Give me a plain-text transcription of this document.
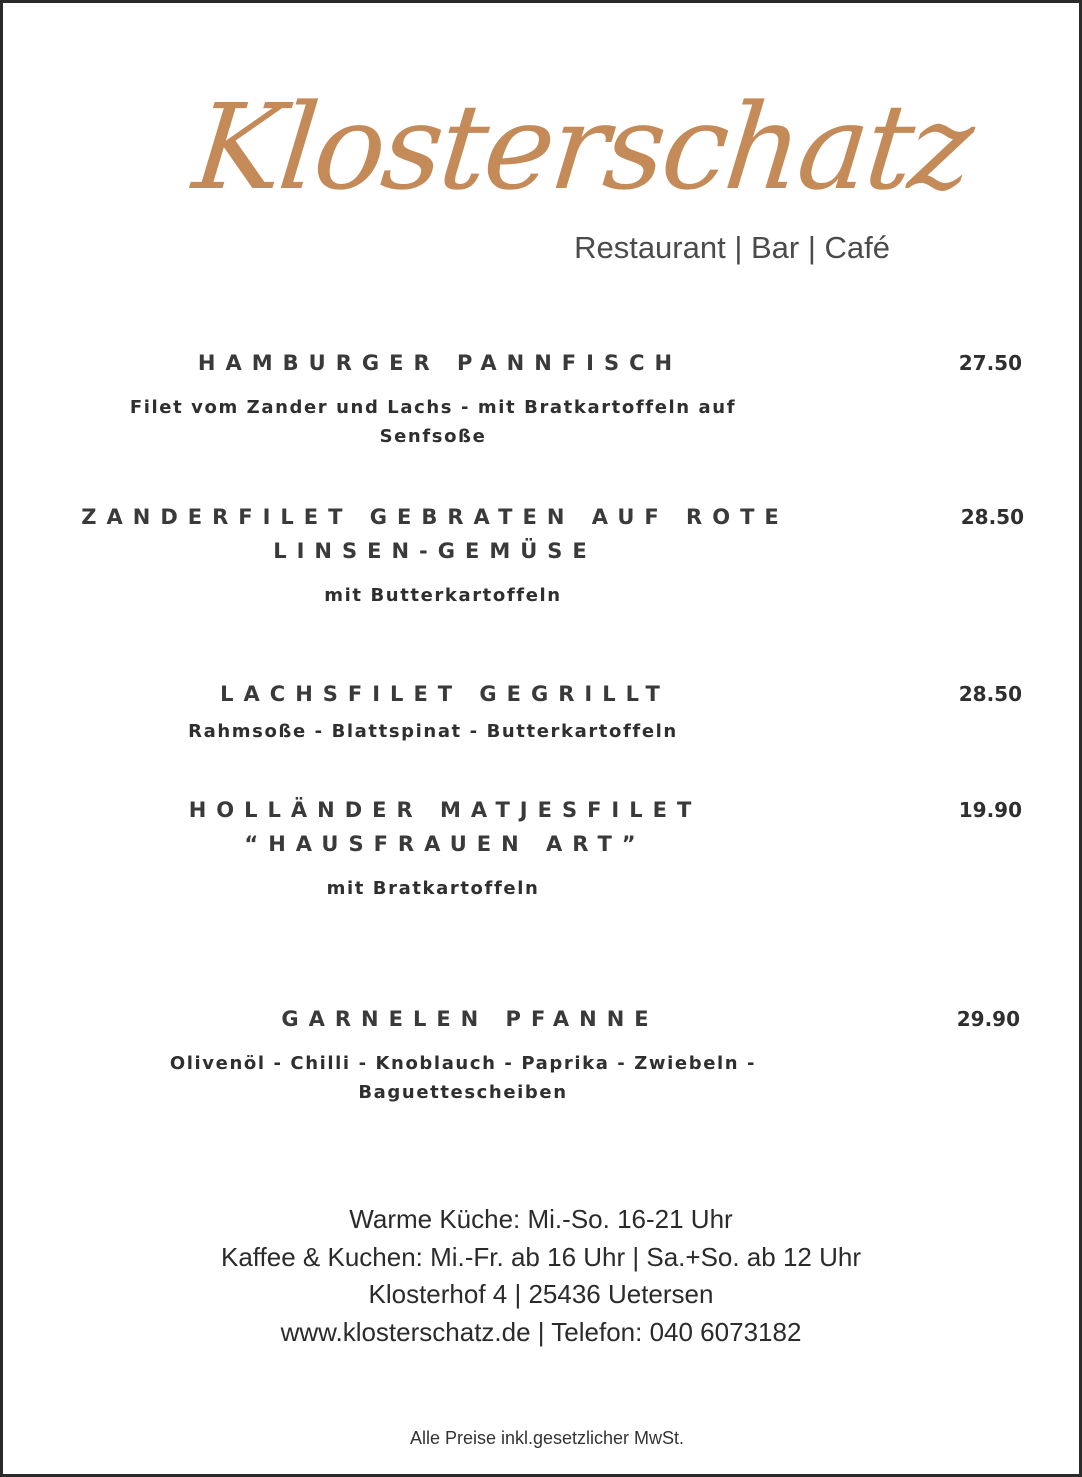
Klosterschatz
Restaurant | Bar | Café
HAMBURGER PANNFISCH	27.50
Filet vom Zander und Lachs - mit Bratkartoffeln auf
Senfsoße
ZANDERFILET GEBRATEN AUF ROTE
LINSEN-GEMÜSE
28.50
mit Butterkartoffeln
LACHSFILET GEGRILLT	28.50
Rahmsoße - Blattspinat - Butterkartoffeln
HOLLÄNDER MATJESFILET
“HAUSFRAUEN ART”
19.90
mit Bratkartoffeln
GARNELEN PFANNE	29.90
Olivenöl - Chilli - Knoblauch - Paprika - Zwiebeln -
Baguettescheiben
Warme Küche: Mi.-So. 16-21 Uhr
Kaffee & Kuchen: Mi.-Fr. ab 16 Uhr | Sa.+So. ab 12 Uhr
Klosterhof 4 | 25436 Uetersen
www.klosterschatz.de | Telefon: 040 6073182
Alle Preise inkl.gesetzlicher MwSt.
